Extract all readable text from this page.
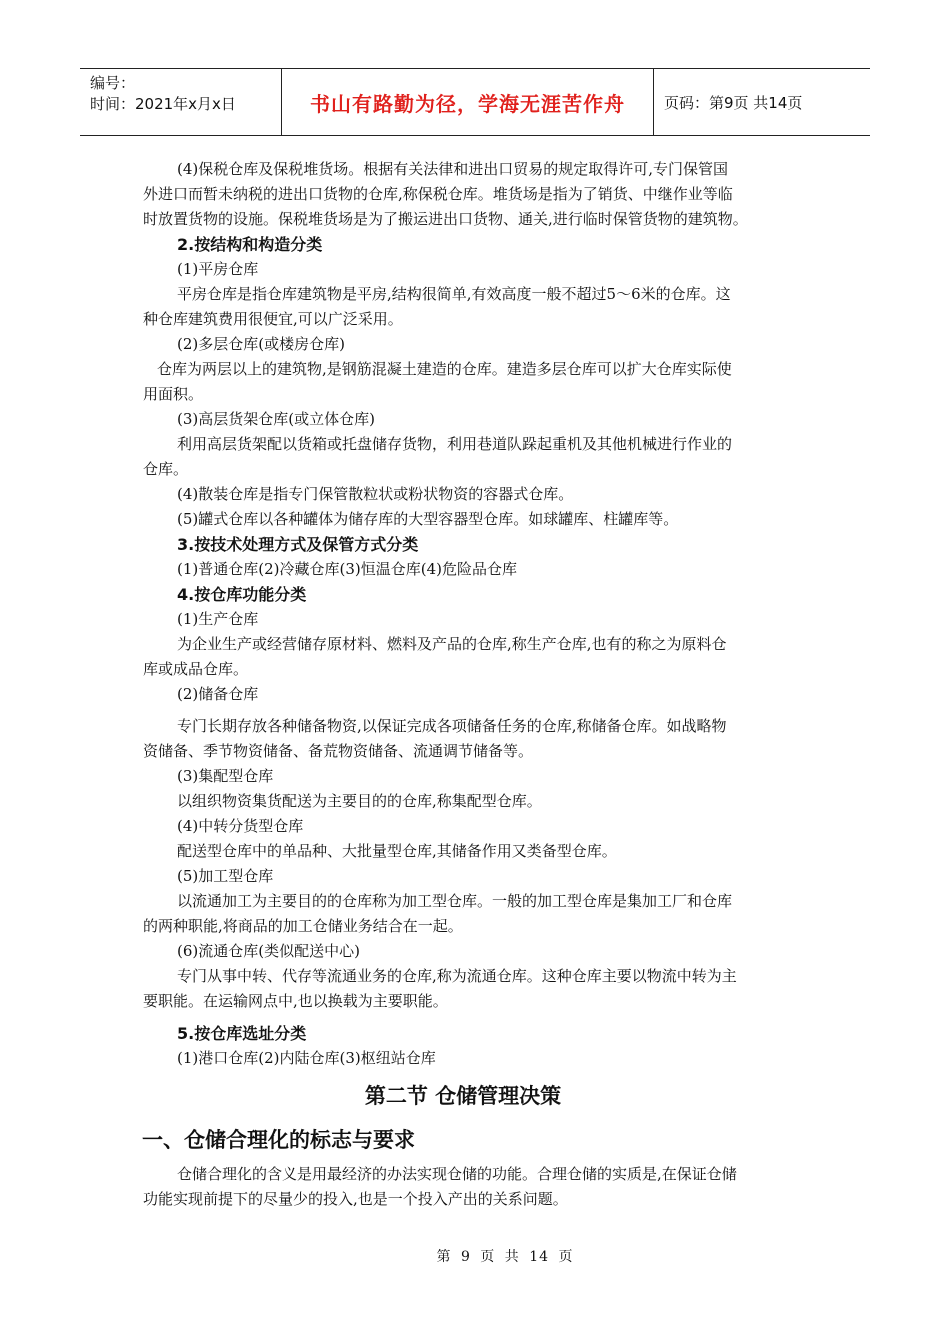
编号：
时间：2021年x月x日	书山有路勤为径，学海无涯苦作舟	页码：第9页 共14页
(4)保税仓库及保税堆货场。根据有关法律和进出口贸易的规定取得许可,专门保管国
外进口而暂未纳税的进出口货物的仓库,称保税仓库。堆货场是指为了销货、中继作业等临
时放置货物的设施。保税堆货场是为了搬运进出口货物、通关,进行临时保管货物的建筑物。
2.按结构和构造分类
(1)平房仓库
平房仓库是指仓库建筑物是平房,结构很简单,有效高度一般不超过5～6米的仓库。这
种仓库建筑费用很便宜,可以广泛采用。
(2)多层仓库(或楼房仓库)
仓库为两层以上的建筑物,是钢筋混凝土建造的仓库。建造多层仓库可以扩大仓库实际使
用面积。
(3)高层货架仓库(或立体仓库)
利用高层货架配以货箱或托盘储存货物，利用巷道队跺起重机及其他机械进行作业的
仓库。
(4)散装仓库是指专门保管散粒状或粉状物资的容器式仓库。
(5)罐式仓库以各种罐体为储存库的大型容器型仓库。如球罐库、柱罐库等。
3.按技术处理方式及保管方式分类
(1)普通仓库(2)冷藏仓库(3)恒温仓库(4)危险品仓库
4.按仓库功能分类
(1)生产仓库
为企业生产或经营储存原材料、燃料及产品的仓库,称生产仓库,也有的称之为原料仓
库或成品仓库。
(2)储备仓库
专门长期存放各种储备物资,以保证完成各项储备任务的仓库,称储备仓库。如战略物
资储备、季节物资储备、备荒物资储备、流通调节储备等。
(3)集配型仓库
以组织物资集货配送为主要目的的仓库,称集配型仓库。
(4)中转分货型仓库
配送型仓库中的单品种、大批量型仓库,其储备作用又类备型仓库。
(5)加工型仓库
以流通加工为主要目的的仓库称为加工型仓库。一般的加工型仓库是集加工厂和仓库
的两种职能,将商品的加工仓储业务结合在一起。
(6)流通仓库(类似配送中心)
专门从事中转、代存等流通业务的仓库,称为流通仓库。这种仓库主要以物流中转为主
要职能。在运输网点中,也以换载为主要职能。
5.按仓库选址分类
(1)港口仓库(2)内陆仓库(3)枢纽站仓库
第二节 仓储管理决策
一、仓储合理化的标志与要求
仓储合理化的含义是用最经济的办法实现仓储的功能。合理仓储的实质是,在保证仓储
功能实现前提下的尽量少的投入,也是一个投入产出的关系问题。
第 9 页 共 14 页
